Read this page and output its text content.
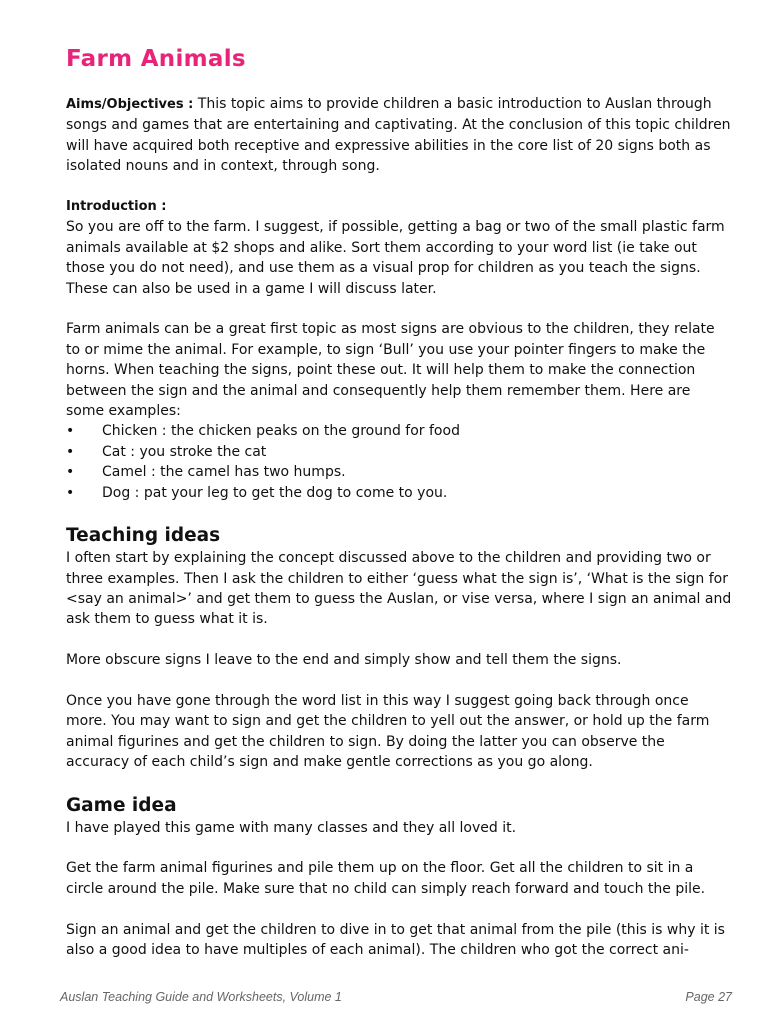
Farm Animals

Aims/Objectives : This topic aims to provide children a basic introduction to Auslan through songs and games that are entertaining and captivating. At the conclusion of this topic children will have acquired both receptive and expressive abilities in the core list of 20 signs both as isolated nouns and in context, through song.

Introduction :

So you are off to the farm. I suggest, if possible, getting a bag or two of the small plastic farm animals available at $2 shops and alike. Sort them according to your word list (ie take out those you do not need), and use them as a visual prop for children as you teach the signs. These can also be used in a game I will discuss later.

Farm animals can be a great first topic as most signs are obvious to the children, they relate to or mime the animal. For example, to sign ‘Bull’ you use your pointer fingers to make the horns. When teaching the signs, point these out. It will help them to make the connection between the sign and the animal and consequently help them remember them. Here are some examples:

• Chicken : the chicken peaks on the ground for food
• Cat : you stroke the cat
• Camel : the camel has two humps.
• Dog : pat your leg to get the dog to come to you.
Teaching ideas

I often start by explaining the concept discussed above to the children and providing two or three examples. Then I ask the children to either ‘guess what the sign is’, ‘What is the sign for <say an animal>’ and get them to guess the Auslan, or vise versa, where I sign an animal and ask them to guess what it is.

More obscure signs I leave to the end and simply show and tell them the signs.

Once you have gone through the word list in this way I suggest going back through once more. You may want to sign and get the children to yell out the answer, or hold up the farm animal figurines and get the children to sign. By doing the latter you can observe the accuracy of each child’s sign and make gentle corrections as you go along.

Game idea

I have played this game with many classes and they all loved it.

Get the farm animal figurines and pile them up on the floor. Get all the children to sit in a circle around the pile. Make sure that no child can simply reach forward and touch the pile.

Sign an animal and get the children to dive in to get that animal from the pile (this is why it is also a good idea to have multiples of each animal). The children who got the correct ani-

Auslan Teaching Guide and Worksheets, Volume 1	Page 27
